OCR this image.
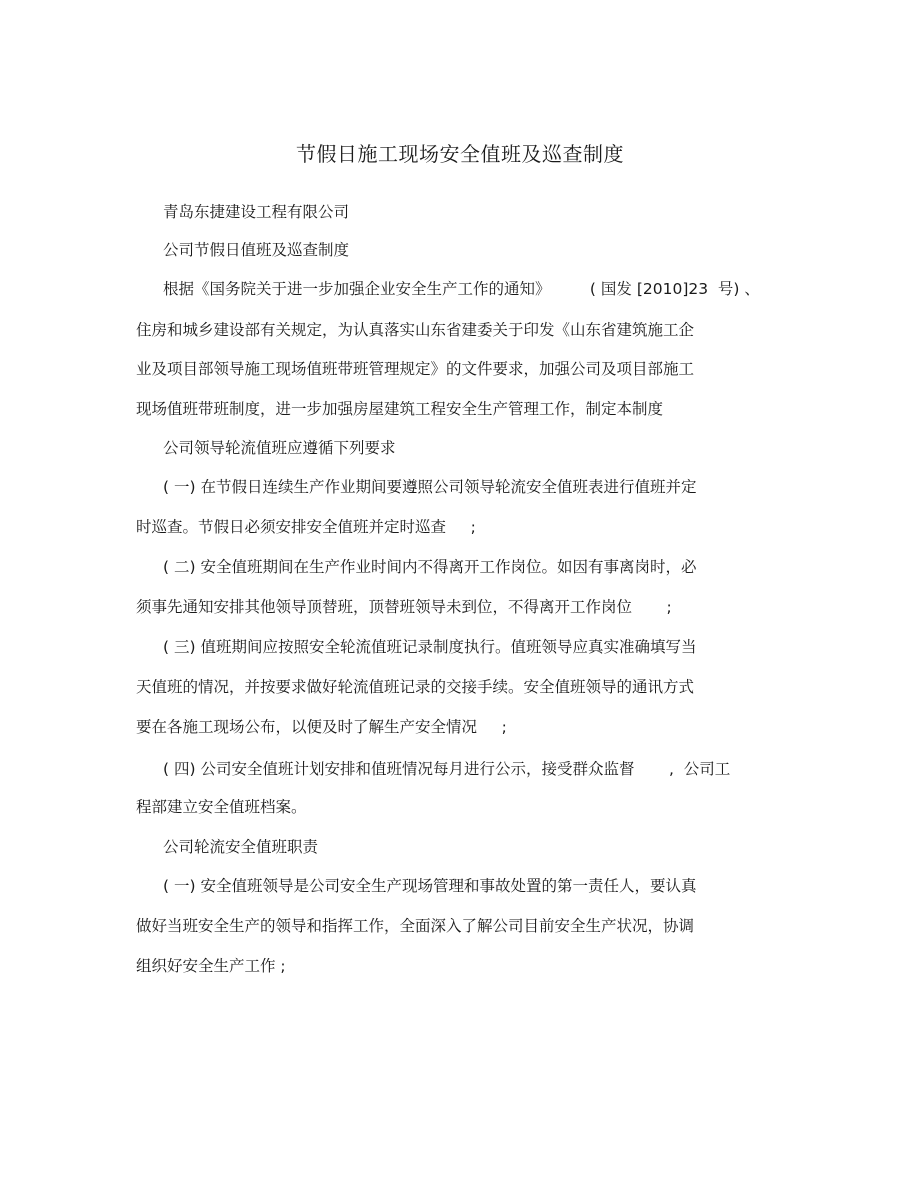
节假日施工现场安全值班及巡查制度
青岛东捷建设工程有限公司
公司节假日值班及巡查制度
根据《国务院关于进一步加强企业安全生产工作的通知》        ( 国发 [2010]23  号) 、
住房和城乡建设部有关规定，为认真落实山东省建委关于印发《山东省建筑施工企
业及项目部领导施工现场值班带班管理规定》的文件要求，加强公司及项目部施工
现场值班带班制度，进一步加强房屋建筑工程安全生产管理工作，制定本制度
公司领导轮流值班应遵循下列要求
( 一) 在节假日连续生产作业期间要遵照公司领导轮流安全值班表进行值班并定
时巡查。节假日必须安排安全值班并定时巡查     ;
( 二) 安全值班期间在生产作业时间内不得离开工作岗位。如因有事离岗时，必
须事先通知安排其他领导顶替班，顶替班领导未到位，不得离开工作岗位       ;
( 三) 值班期间应按照安全轮流值班记录制度执行。值班领导应真实准确填写当
天值班的情况，并按要求做好轮流值班记录的交接手续。安全值班领导的通讯方式
要在各施工现场公布，以便及时了解生产安全情况     ;
( 四) 公司安全值班计划安排和值班情况每月进行公示，接受群众监督       ,  公司工
程部建立安全值班档案。
公司轮流安全值班职责
( 一) 安全值班领导是公司安全生产现场管理和事故处置的第一责任人，要认真
做好当班安全生产的领导和指挥工作，全面深入了解公司目前安全生产状况，协调
组织好安全生产工作 ;
